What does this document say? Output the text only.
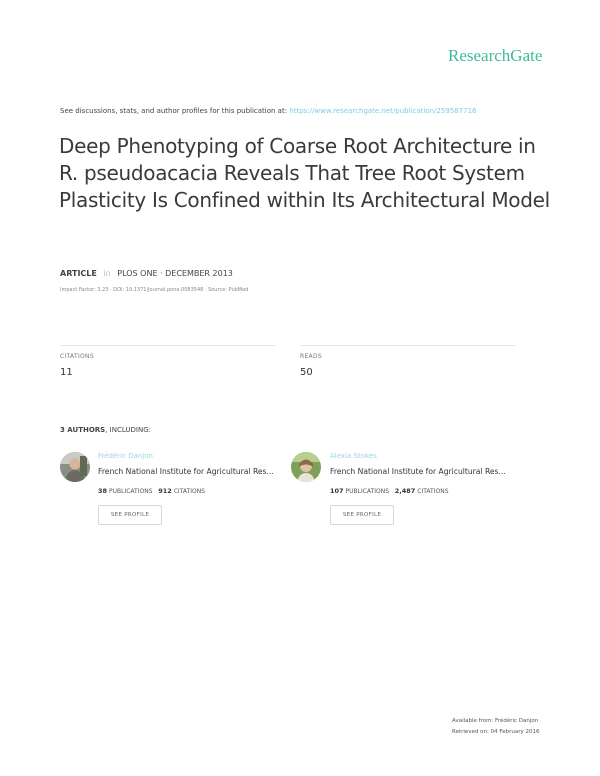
ResearchGate
See discussions, stats, and author profiles for this publication at: https://www.researchgate.net/publication/259587716
Deep Phenotyping of Coarse Root Architecture in R. pseudoacacia Reveals That Tree Root System Plasticity Is Confined within Its Architectural Model
ARTICLE in PLOS ONE · DECEMBER 2013
Impact Factor: 3.23 · DOI: 10.1371/journal.pone.0083548 · Source: PubMed
CITATIONS
11
READS
50
3 AUTHORS, INCLUDING:
Frédéric Danjon
French National Institute for Agricultural Res...
38 PUBLICATIONS 912 CITATIONS
SEE PROFILE
Alexia Stokes
French National Institute for Agricultural Res...
107 PUBLICATIONS 2,487 CITATIONS
SEE PROFILE
Available from: Frédéric Danjon
Retrieved on: 04 February 2016
